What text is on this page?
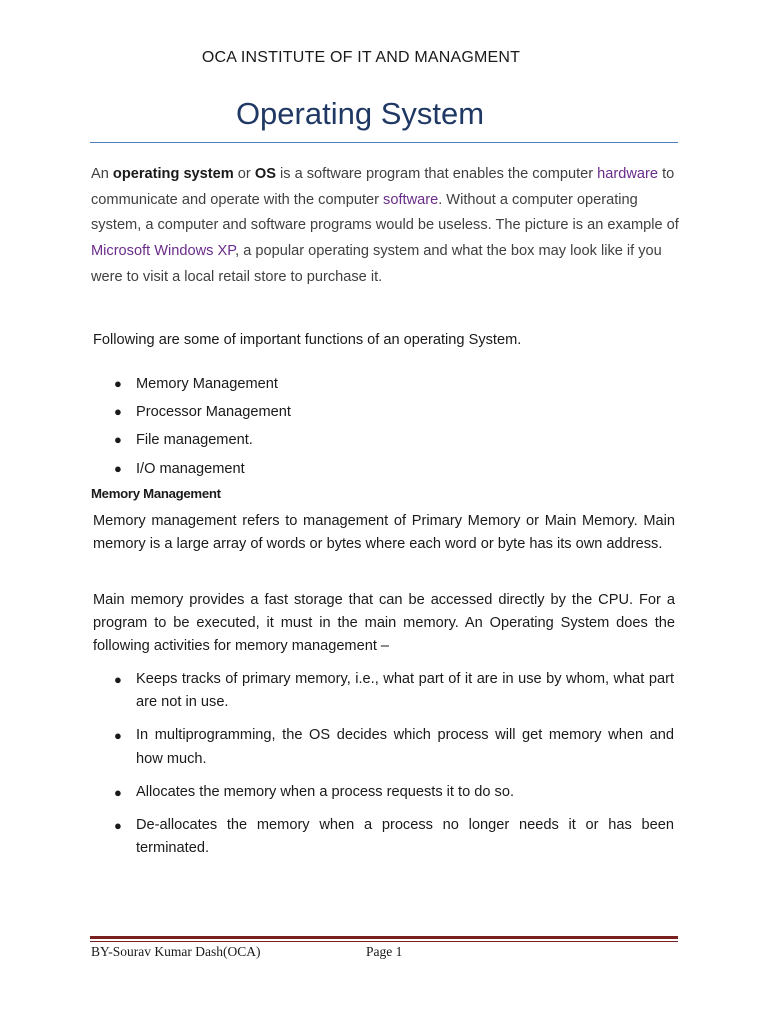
OCA INSTITUTE OF IT AND MANAGMENT
Operating System
An operating system or OS is a software program that enables the computer hardware to communicate and operate with the computer software. Without a computer operating system, a computer and software programs would be useless. The picture is an example of Microsoft Windows XP, a popular operating system and what the box may look like if you were to visit a local retail store to purchase it.
Following are some of important functions of an operating System.
● Memory Management
● Processor Management
● File management.
● I/O management
Memory Management
Memory management refers to management of Primary Memory or Main Memory. Main memory is a large array of words or bytes where each word or byte has its own address.
Main memory provides a fast storage that can be accessed directly by the CPU. For a program to be executed, it must in the main memory. An Operating System does the following activities for memory management –
● Keeps tracks of primary memory, i.e., what part of it are in use by whom, what part are not in use.
● In multiprogramming, the OS decides which process will get memory when and how much.
● Allocates the memory when a process requests it to do so.
● De-allocates the memory when a process no longer needs it or has been terminated.
BY-Sourav Kumar Dash(OCA)	Page 1
